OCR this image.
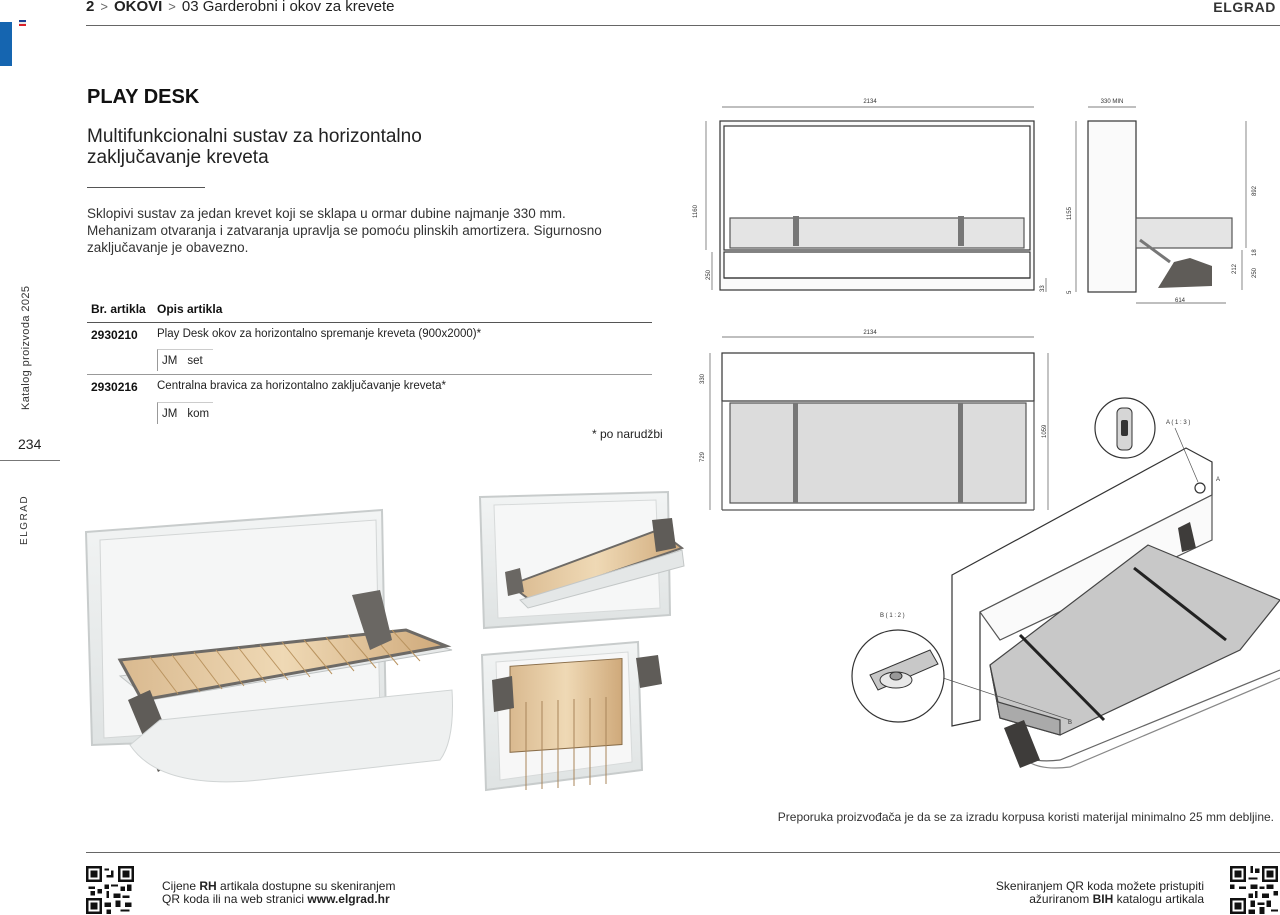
Katalog proizvoda 2025
234
ELGRAD
2 > OKOVI > 03 Garderobni i okov za krevete	ELGRAD
PLAY DESK
Multifunkcionalni sustav za horizontalno zaključavanje kreveta
Sklopivi sustav za jedan krevet koji se sklapa u ormar dubine najmanje 330 mm. Mehanizam otvaranja i zatvaranja upravlja se pomoću plinskih amortizera. Sigurnosno zaključavanje je obavezno.
Br. artikla Opis artikla
2930210 Play Desk okov za horizontalno spremanje kreveta (900x2000)*
JM set
2930216 Centralna bravica za horizontalno zaključavanje kreveta*
JM kom
* po narudžbi
2134
1160
250
33
330 MIN
1155
892
18
212 250
5
614
2134
330
729
1059
A ( 1 : 3 )
A
B ( 1 : 2 )
B
Preporuka proizvođača je da se za izradu korpusa koristi materijal minimalno 25 mm debljine.
Cijene RH artikala dostupne su skeniranjem
QR koda ili na web stranici www.elgrad.hr
Skeniranjem QR koda možete pristupiti
ažuriranom BIH katalogu artikala
